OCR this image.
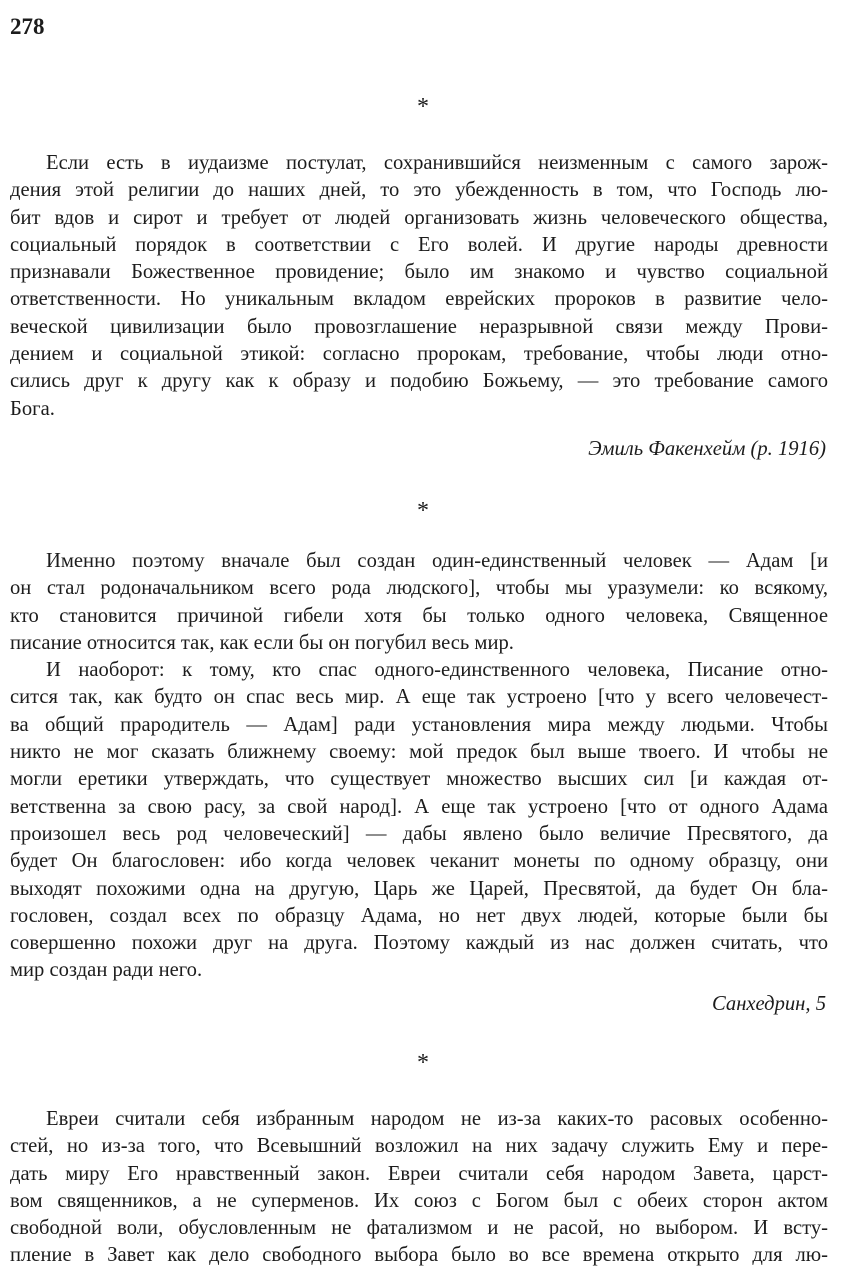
278
*
Если есть в иудаизме постулат, сохранившийся неизменным с самого зарож-
дения этой религии до наших дней, то это убежденность в том, что Господь лю-
бит вдов и сирот и требует от людей организовать жизнь человеческого общества,
социальный порядок в соответствии с Его волей. И другие народы древности
признавали Божественное провидение; было им знакомо и чувство социальной
ответственности. Но уникальным вкладом еврейских пророков в развитие чело-
веческой цивилизации было провозглашение неразрывной связи между Прови-
дением и социальной этикой: согласно пророкам, требование, чтобы люди отно-
сились друг к другу как к образу и подобию Божьему, — это требование самого
Бога.
Эмиль Факенхейм (р. 1916)
*
Именно поэтому вначале был создан один-единственный человек — Адам [и
он стал родоначальником всего рода людского], чтобы мы уразумели: ко всякому,
кто становится причиной гибели хотя бы только одного человека, Священное
писание относится так, как если бы он погубил весь мир.
И наоборот: к тому, кто спас одного-единственного человека, Писание отно-
сится так, как будто он спас весь мир. А еще так устроено [что у всего человечест-
ва общий прародитель — Адам] ради установления мира между людьми. Чтобы
никто не мог сказать ближнему своему: мой предок был выше твоего. И чтобы не
могли еретики утверждать, что существует множество высших сил [и каждая от-
ветственна за свою расу, за свой народ]. А еще так устроено [что от одного Адама
произошел весь род человеческий] — дабы явлено было величие Пресвятого, да
будет Он благословен: ибо когда человек чеканит монеты по одному образцу, они
выходят похожими одна на другую, Царь же Царей, Пресвятой, да будет Он бла-
гословен, создал всех по образцу Адама, но нет двух людей, которые были бы
совершенно похожи друг на друга. Поэтому каждый из нас должен считать, что
мир создан ради него.
Санхедрин, 5
*
Евреи считали себя избранным народом не из-за каких-то расовых особенно-
стей, но из-за того, что Всевышний возложил на них задачу служить Ему и пере-
дать миру Его нравственный закон. Евреи считали себя народом Завета, царст-
вом священников, а не суперменов. Их союз с Богом был с обеих сторон актом
свободной воли, обусловленным не фатализмом и не расой, но выбором. И всту-
пление в Завет как дело свободного выбора было во все времена открыто для лю-
